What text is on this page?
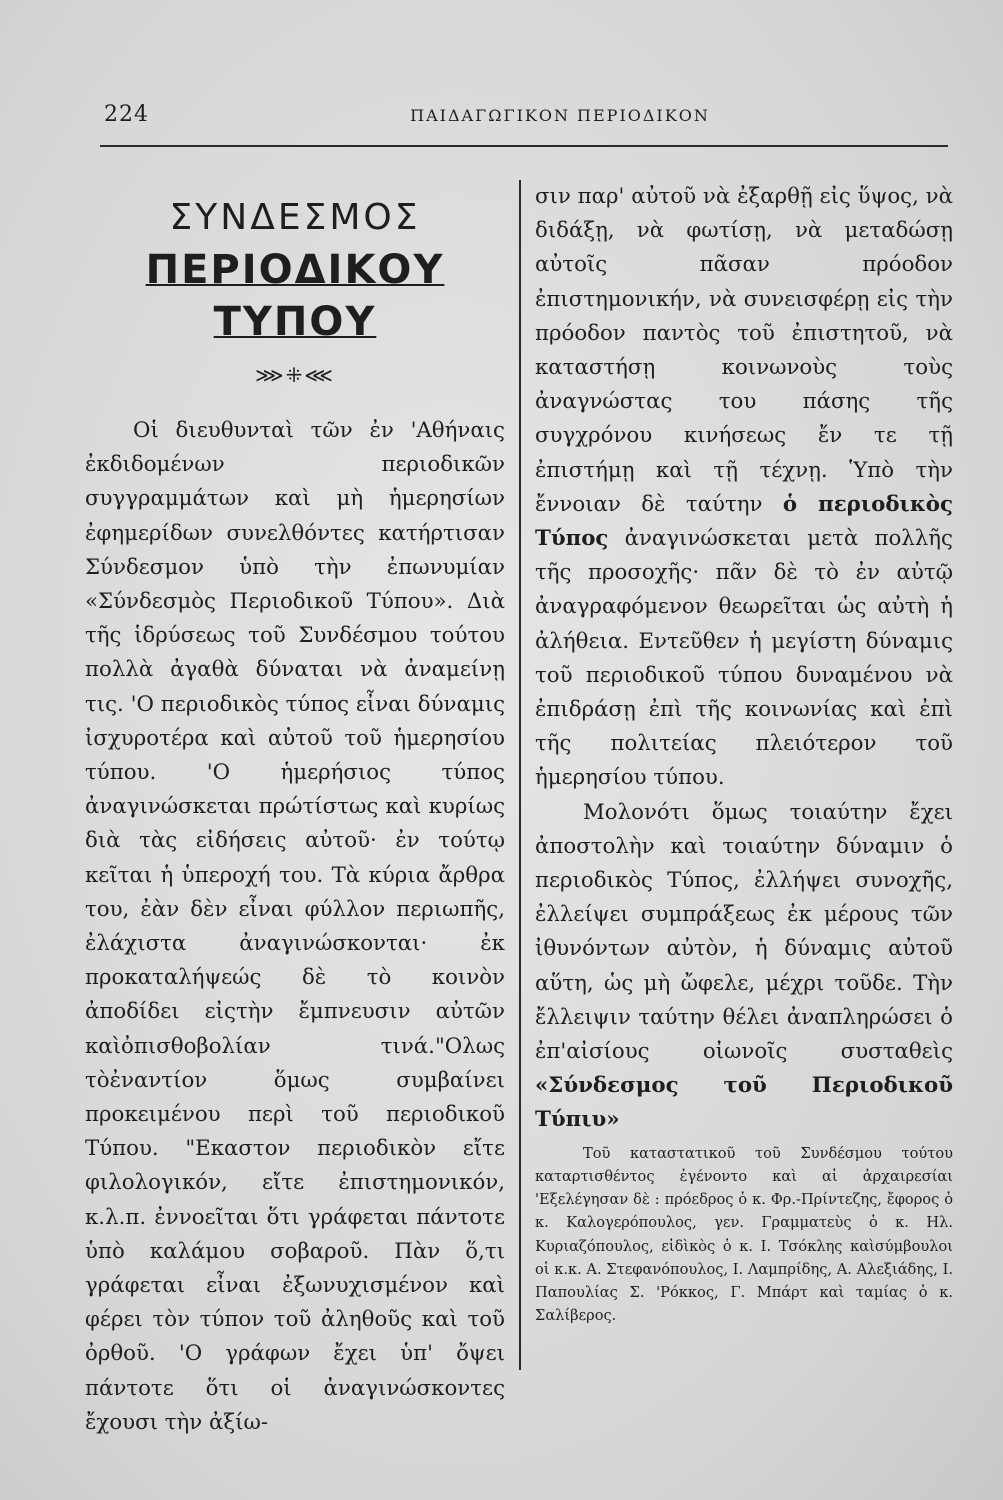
224	ΠΑΙΔΑΓΩΓΙΚΟΝ ΠΕΡΙΟΔΙΚΟΝ
ΣΥΝΔΕΣΜΟΣ
ΠΕΡΙΟΔΙΚΟΥ ΤΥΠΟΥ
⋙⁜⋘

Οἱ διευθυνταὶ τῶν ἐν 'Αθήναις ἐκδιδομένων περιοδικῶν συγγραμμάτων καὶ μὴ ἡμερησίων ἐφημερίδων συνελθόντες κατήρτισαν Σύνδεσμον ὑπὸ τὴν ἐπωνυμίαν «Σύνδεσμὸς Περιοδικοῦ Τύπου». Διὰ τῆς ἱδρύσεως τοῦ Συνδέσμου τούτου πολλὰ ἀγαθὰ δύναται νὰ ἀναμείνῃ τις. 'Ο περιοδικὸς τύπος εἶναι δύναμις ἰσχυροτέρα καὶ αὐτοῦ τοῦ ἡμερησίου τύπου. 'Ο ἡμερήσιος τύπος ἀναγινώσκεται πρώτίστως καὶ κυρίως διὰ τὰς εἰδήσεις αὐτοῦ· ἐν τούτῳ κεῖται ἡ ὑπεροχή του. Τὰ κύρια ἄρθρα του, ἐὰν δὲν εἶναι φύλλον περιωπῆς, ἐλάχιστα ἀναγινώσκονται· ἐκ προκαταλήψεώς δὲ τὸ κοινὸν ἀποδίδει εἰςτὴν ἔμπνευσιν αὐτῶν καὶὀπισθοβολίαν τινά."Ολως τὸἐναντίον ὅμως συμβαίνει προκειμένου περὶ τοῦ περιοδικοῦ Τύπου. "Εκαστον περιοδικὸν εἴτε φιλολογικόν, εἴτε ἐπιστημονικόν, κ.λ.π. ἐννοεῖται ὅτι γράφεται πάντοτε ὑπὸ καλάμου σοβαροῦ. Πὰν ὅ,τι γράφεται εἶναι ἐξωνυχισμένον καὶ φέρει τὸν τύπον τοῦ ἀληθοῦς καὶ τοῦ ὀρθοῦ. 'Ο γράφων ἔχει ὑπ' ὄψει πάντοτε ὅτι οἱ ἀναγινώσκοντες ἔχουσι τὴν ἀξίω-

σιν παρ' αὐτοῦ νὰ ἐξαρθῇ εἰς ὕψος, νὰ διδάξῃ, νὰ φωτίσῃ, νὰ μεταδώσῃ αὐτοῖς πᾶσαν πρόοδον ἐπιστημονικήν, νὰ συνεισφέρῃ εἰς τὴν πρόοδον παντὸς τοῦ ἐπιστητοῦ, νὰ καταστήσῃ κοινωνοὺς τοὺς ἀναγνώστας του πάσης τῆς συγχρόνου κινήσεως ἔν τε τῇ ἐπιστήμῃ καὶ τῇ τέχνῃ. Ὑπὸ τὴν ἔννοιαν δὲ ταύτην ὁ περιοδικὸς Τύπος ἀναγινώσκεται μετὰ πολλῆς τῆς προσοχῆς· πᾶν δὲ τὸ ἐν αὐτῷ ἀναγραφόμενον θεωρεῖται ὡς αὐτὴ ἡ ἀλήθεια. Εντεῦθεν ἡ μεγίστη δύναμις τοῦ περιοδικοῦ τύπου δυναμένου νὰ ἐπιδράσῃ ἐπὶ τῆς κοινωνίας καὶ ἐπὶ τῆς πολιτείας πλειότερον τοῦ ἡμερησίου τύπου.

Μολονότι ὅμως τοιαύτην ἔχει ἀποστολὴν καὶ τοιαύτην δύναμιν ὁ περιοδικὸς Τύπος, ἐλλήψει συνοχῆς, ἐλλείψει συμπράξεως ἐκ μέρους τῶν ἰθυνόντων αὐτὸν, ἡ δύναμις αὐτοῦ αὕτη, ὡς μὴ ὤφελε, μέχρι τοῦδε. Τὴν ἔλλειψιν ταύτην θέλει ἀναπληρώσει ὁ ἐπ'αἰσίους οἰωνοῖς συσταθεὶς «Σύνδεσμος τοῦ Περιοδικοῦ Τύπιυ»

Τοῦ καταστατικοῦ τοῦ Συνδέσμου τούτου καταρτισθέντος ἐγένοντο καὶ αἱ ἀρχαιρεσίαι 'Εξελέγησαν δὲ : πρόεδρος ὁ κ. Φρ.-Πρίντεζης, ἔφορος ὁ κ. Καλογερόπουλος, γεν. Γραμματεὺς ὁ κ. Ηλ. Κυριαζόπουλος, εἰδὶκὸς ὁ κ. Ι. Τσόκλης καὶσύμβουλοι οἱ κ.κ. Α. Στεφανόπουλος, Ι. Λαμπρίδης, Α. Αλεξιάδης, Ι. Παπουλίας Σ. 'Ρόκκος, Γ. Μπάρτ καὶ ταμίας ὁ κ. Σαλίβερος.
